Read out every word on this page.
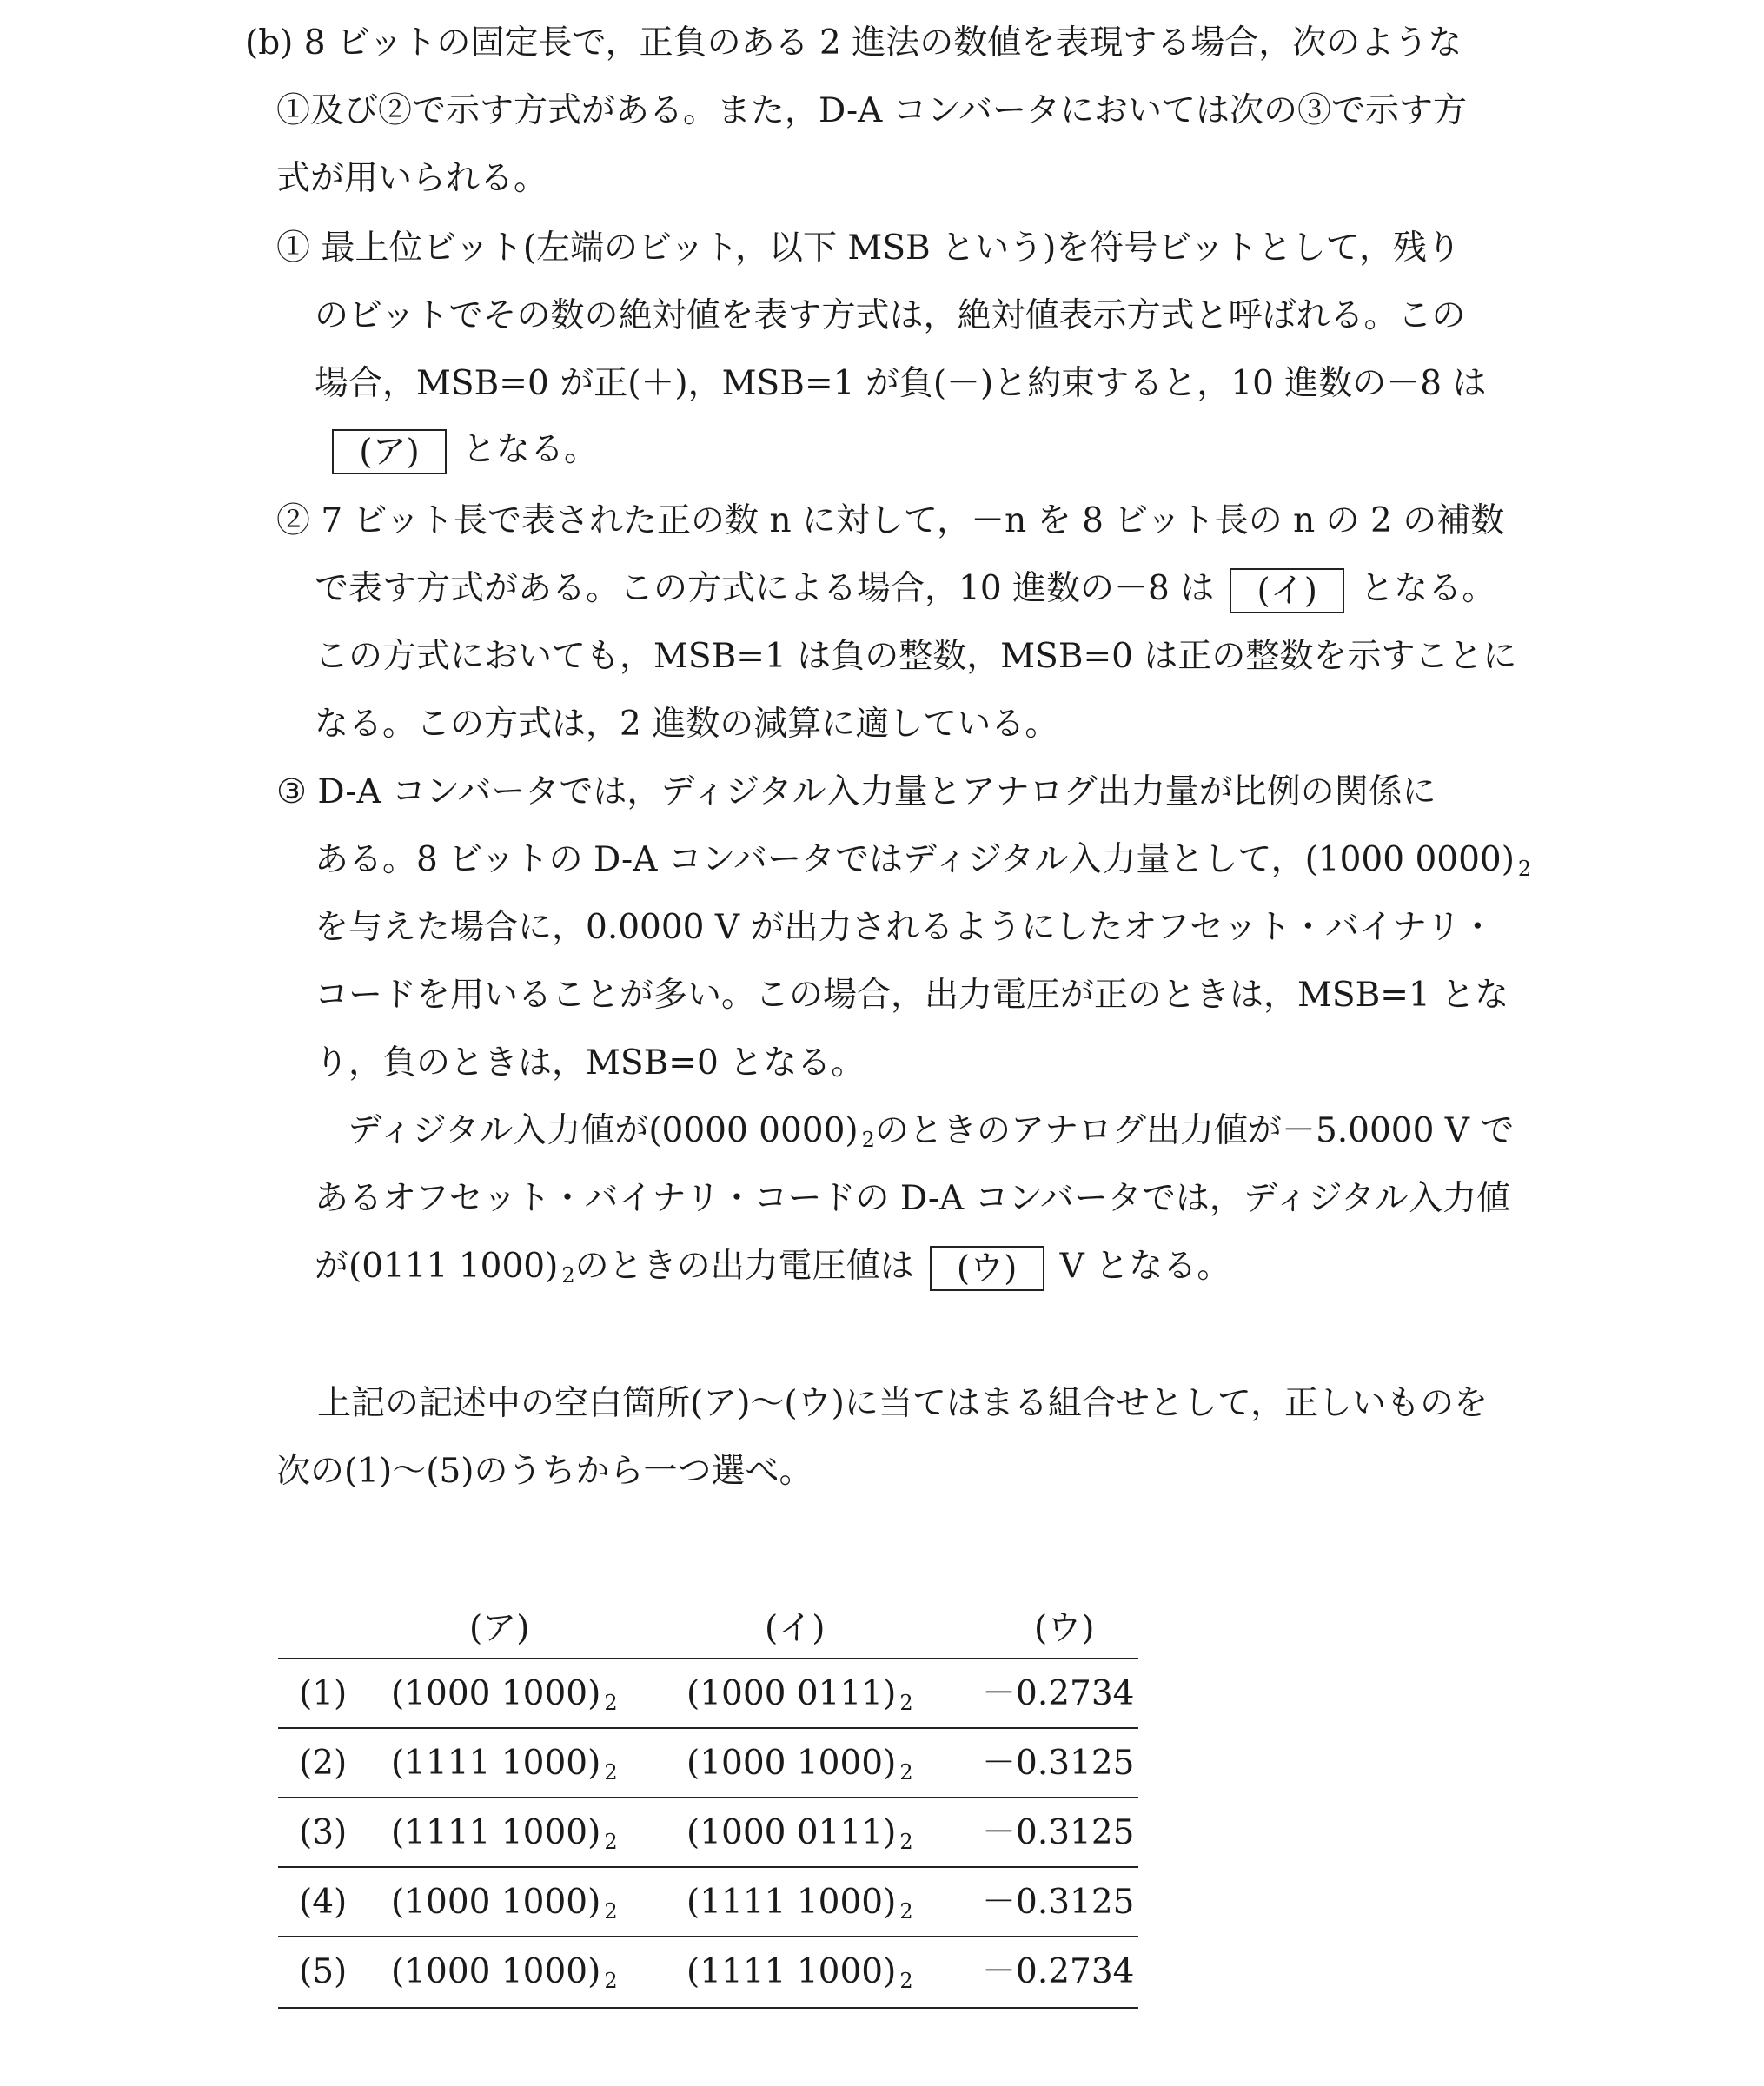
(b) 8 ビットの固定長で，正負のある 2 進法の数値を表現する場合，次のような
①及び②で示す方式がある。また，D-A コンバータにおいては次の③で示す方
式が用いられる。
① 最上位ビット(左端のビット，以下 MSB という)を符号ビットとして，残り
のビットでその数の絶対値を表す方式は，絶対値表示方式と呼ばれる。この
場合，MSB=0 が正(＋)，MSB=1 が負(－)と約束すると，10 進数の－8 は
(ア) となる。
② 7 ビット長で表された正の数 n に対して，－n を 8 ビット長の n の 2 の補数
で表す方式がある。この方式による場合，10 進数の－8 は (イ) となる。
この方式においても，MSB=1 は負の整数，MSB=0 は正の整数を示すことに
なる。この方式は，2 進数の減算に適している。
③ D-A コンバータでは，ディジタル入力量とアナログ出力量が比例の関係に
ある。8 ビットの D-A コンバータではディジタル入力量として，(1000 0000) $_2$
を与えた場合に，0.0000 V が出力されるようにしたオフセット・バイナリ・
コードを用いることが多い。この場合，出力電圧が正のときは，MSB=1 とな
り，負のときは，MSB=0 となる。
ディジタル入力値が(0000 0000) $_2$のときのアナログ出力値が－5.0000 V で
あるオフセット・バイナリ・コードの D-A コンバータでは，ディジタル入力値
が(0111 1000) $_2$のときの出力電圧値は (ウ) V となる。
上記の記述中の空白箇所(ア)～(ウ)に当てはまる組合せとして，正しいものを
次の(1)～(5)のうちから一つ選べ。
(ア)	(イ)	(ウ)
(1) (1000 1000) $_2$ (1000 0111) $_2$ －0.2734
(2) (1111 1000) $_2$ (1000 1000) $_2$ －0.3125
(3) (1111 1000) $_2$ (1000 0111) $_2$ －0.3125
(4) (1000 1000) $_2$ (1111 1000) $_2$ －0.3125
(5) (1000 1000) $_2$ (1111 1000) $_2$ －0.2734
